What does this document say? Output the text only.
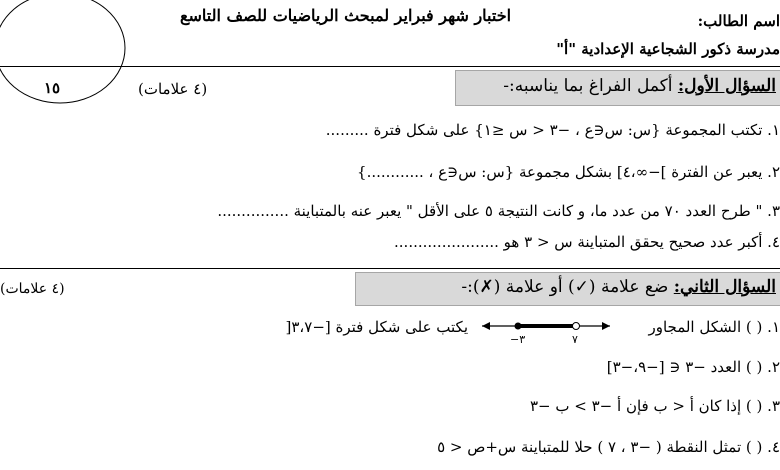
اختبار شهر فبراير لمبحث الرياضيات للصف التاسع	اسم الطالب:
مدرسة ذكور الشجاعية الإعدادية "أ"
١٥	السؤال الأول: أكمل الفراغ بما يناسبه:-
(٤ علامات)
١. تكتب المجموعة {س: س∈ع ، −٣ < س ≤١} على شكل فترة .........
٢. يعبر عن الفترة ]−∞،٤] بشكل مجموعة {س: س∈ع ، ............}
٣. " طرح العدد ٧٠ من عدد ما، و كانت النتيجة ٥ على الأقل " يعبر عنه بالمتباينة ...............
٤. أكبر عدد صحيح يحقق المتباينة س < ٣ هو ......................
السؤال الثاني: ضع علامة (✓) أو علامة (✗):-
(٤ علامات)
١. ( ) الشكل المجاور
−٣	٧
يكتب على شكل فترة [−٣،٧[
٢. ( ) العدد −٣ ∈ [−٩،−٣]
٣. ( ) إذا كان أ < ب فإن أ −٣ > ب −٣
٤. ( ) تمثل النقطة ( −٣ ، ٧ ) حلا للمتباينة س+ص < ٥
